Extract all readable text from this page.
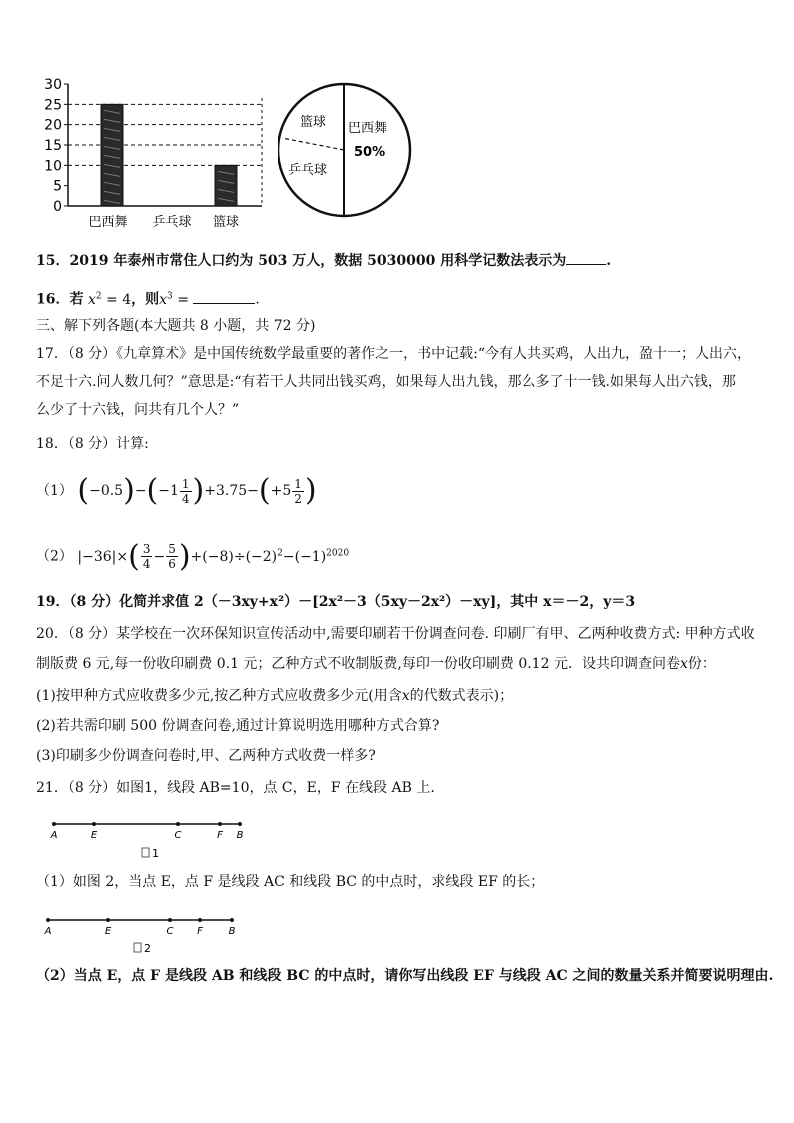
0
5
10
15
20
25
30
巴西舞 乒乓球 篮球
篮球 巴西舞
50%
乒乓球
15．2019 年泰州市常住人口约为 503 万人，数据 5030000 用科学记数法表示为	.
16．若 $x^2 = 4$，则$x^3$ =	．
三、解下列各题(本大题共 8 小题，共 72 分)
17．（8 分）《九章算术》是中国传统数学最重要的著作之一，书中记载:“今有人共买鸡，人出九，盈十一；人出六，
不足十六.问人数几何？”意思是:“有若干人共同出钱买鸡，如果每人出九钱，那么多了十一钱.如果每人出六钱，那
么少了十六钱，问共有几个人？”
18．（8 分）计算:
（1） $(-0.5)-(-1 \frac{1}{4} )+3.75-(+5 \frac{1}{2}$ )
（2） $|-36|\times( \frac{3}{4} - \frac{5}{6} )+(-8)\div(-2)^2-(-1)^{2020}$
19．（8 分）化简并求值 2（－3xy+x²）－[2x²－3（5xy－2x²）－xy]，其中 x＝－2，y＝3
20．（8 分）某学校在一次环保知识宣传活动中,需要印刷若干份调查问卷. 印刷厂有甲、乙两种收费方式: 甲种方式收
制版费 6 元,每一份收印刷费 0.1 元；乙种方式不收制版费,每印一份收印刷费 0.12 元．设共印调查问卷x份：
(1)按甲种方式应收费多少元,按乙种方式应收费多少元(用含x的代数式表示)；
(2)若共需印刷 500 份调查问卷,通过计算说明选用哪种方式合算?
(3)印刷多少份调查问卷时,甲、乙两种方式收费一样多?
21．（8 分）如图1，线段 AB=10，点 C，E，F 在线段 AB 上.
A	E	C	F B
1
（1）如图 2，当点 E，点 F 是线段 AC 和线段 BC 的中点时，求线段 EF 的长；
A	E	C F	B
2
（2）当点 E，点 F 是线段 AB 和线段 BC 的中点时，请你写出线段 EF 与线段 AC 之间的数量关系并简要说明理由.
